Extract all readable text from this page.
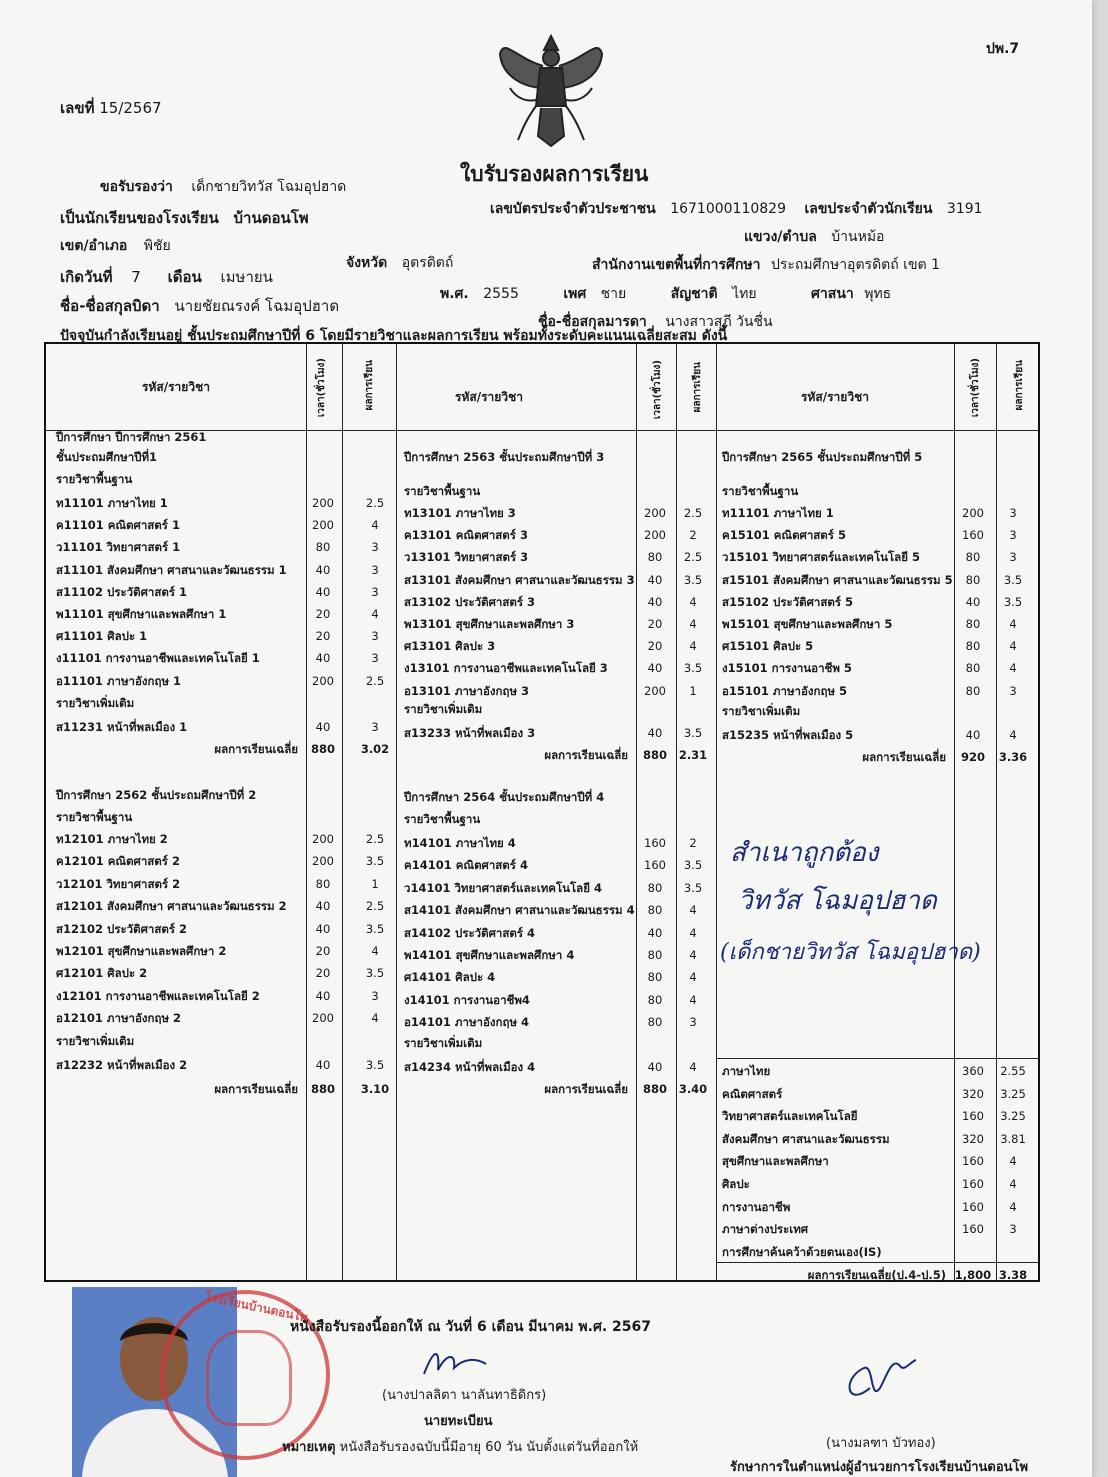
ปพ.7
เลขที่ 15/2567
ใบรับรองผลการเรียน
ขอรับรองว่า เด็กชายวิทวัส โฉมอุปฮาด
เลขบัตรประจำตัวประชาชน 1671000110829 เลขประจำตัวนักเรียน 3191
เป็นนักเรียนของโรงเรียน บ้านดอนโพ
แขวง/ตำบล บ้านหม้อ
เขต/อำเภอ พิชัย
จังหวัด อุตรดิตถ์	สำนักงานเขตพื้นที่การศึกษา ประถมศึกษาอุตรดิตถ์ เขต 1
เกิดวันที่ 7 เดือน เมษายน
พ.ศ. 2555	เพศ ชาย	สัญชาติ ไทย	ศาสนา พุทธ
ชื่อ-ชื่อสกุลบิดา นายชัยณรงค์ โฉมอุปฮาด
ชื่อ-ชื่อสกุลมารดา นางสาวสุภี วันชื่น
ปัจจุบันกำลังเรียนอยู่ ชั้นประถมศึกษาปีที่ 6 โดยมีรายวิชาและผลการเรียน พร้อมทั้งระดับคะแนนเฉลี่ยสะสม ดังนี้
รหัส/รายวิชา	เวลา(ชั่วโมง)	ผลการเรียน	รหัส/รายวิชา	เวลา(ชั่วโมง)	ผลการเรียน	รหัส/รายวิชา	เวลา(ชั่วโมง)	ผลการเรียน
ปีการศึกษา ปีการศึกษา 2561
ชั้นประถมศึกษาปีที่1
รายวิชาพื้นฐาน
ท11101 ภาษาไทย 1	200	2.5
ค11101 คณิตศาสตร์ 1	200	4
ว11101 วิทยาศาสตร์ 1	80	3
ส11101 สังคมศึกษา ศาสนาและวัฒนธรรม 1	40	3
ส11102 ประวัติศาสตร์ 1	40	3
พ11101 สุขศึกษาและพลศึกษา 1	20	4
ศ11101 ศิลปะ 1	20	3
ง11101 การงานอาชีพและเทคโนโลยี 1	40	3
อ11101 ภาษาอังกฤษ 1	200	2.5
รายวิชาเพิ่มเติม
ส11231 หน้าที่พลเมือง 1	40	3
ผลการเรียนเฉลี่ย	880	3.02
ปีการศึกษา 2562 ชั้นประถมศึกษาปีที่ 2
รายวิชาพื้นฐาน
ท12101 ภาษาไทย 2	200	2.5
ค12101 คณิตศาสตร์ 2	200	3.5
ว12101 วิทยาศาสตร์ 2	80	1
ส12101 สังคมศึกษา ศาสนาและวัฒนธรรม 2	40	2.5
ส12102 ประวัติศาสตร์ 2	40	3.5
พ12101 สุขศึกษาและพลศึกษา 2	20	4
ศ12101 ศิลปะ 2	20	3.5
ง12101 การงานอาชีพและเทคโนโลยี 2	40	3
อ12101 ภาษาอังกฤษ 2	200	4
รายวิชาเพิ่มเติม
ส12232 หน้าที่พลเมือง 2	40	3.5
ผลการเรียนเฉลี่ย	880	3.10
ปีการศึกษา 2563 ชั้นประถมศึกษาปีที่ 3
รายวิชาพื้นฐาน
ท13101 ภาษาไทย 3	200	2.5
ค13101 คณิตศาสตร์ 3	200	2
ว13101 วิทยาศาสตร์ 3	80	2.5
ส13101 สังคมศึกษา ศาสนาและวัฒนธรรม 3	40	3.5
ส13102 ประวัติศาสตร์ 3	40	4
พ13101 สุขศึกษาและพลศึกษา 3	20	4
ศ13101 ศิลปะ 3	20	4
ง13101 การงานอาชีพและเทคโนโลยี 3	40	3.5
อ13101 ภาษาอังกฤษ 3	200	1
รายวิชาเพิ่มเติม
ส13233 หน้าที่พลเมือง 3	40	3.5
ผลการเรียนเฉลี่ย	880	2.31
ปีการศึกษา 2564 ชั้นประถมศึกษาปีที่ 4
รายวิชาพื้นฐาน
ท14101 ภาษาไทย 4	160	2
ค14101 คณิตศาสตร์ 4	160	3.5
ว14101 วิทยาศาสตร์และเทคโนโลยี 4	80	3.5
ส14101 สังคมศึกษา ศาสนาและวัฒนธรรม 4	80	4
ส14102 ประวัติศาสตร์ 4	40	4
พ14101 สุขศึกษาและพลศึกษา 4	80	4
ศ14101 ศิลปะ 4	80	4
ง14101 การงานอาชีพ4	80	4
อ14101 ภาษาอังกฤษ 4	80	3
รายวิชาเพิ่มเติม
ส14234 หน้าที่พลเมือง 4	40	4
ผลการเรียนเฉลี่ย	880	3.40
ปีการศึกษา 2565 ชั้นประถมศึกษาปีที่ 5
รายวิชาพื้นฐาน
ท11101 ภาษาไทย 1	200	3
ค15101 คณิตศาสตร์ 5	160	3
ว15101 วิทยาศาสตร์และเทคโนโลยี 5	80	3
ส15101 สังคมศึกษา ศาสนาและวัฒนธรรม 5	80	3.5
ส15102 ประวัติศาสตร์ 5	40	3.5
พ15101 สุขศึกษาและพลศึกษา 5	80	4
ศ15101 ศิลปะ 5	80	4
ง15101 การงานอาชีพ 5	80	4
อ15101 ภาษาอังกฤษ 5	80	3
รายวิชาเพิ่มเติม
ส15235 หน้าที่พลเมือง 5	40	4
ผลการเรียนเฉลี่ย	920	3.36
ภาษาไทย	360	2.55
คณิตศาสตร์	320	3.25
วิทยาศาสตร์และเทคโนโลยี	160	3.25
สังคมศึกษา ศาสนาและวัฒนธรรม	320	3.81
สุขศึกษาและพลศึกษา	160	4
ศิลปะ	160	4
การงานอาชีพ	160	4
ภาษาต่างประเทศ	160	3
การศึกษาค้นคว้าด้วยตนเอง(IS)
ผลการเรียนเฉลี่ย(ป.4-ป.5) 1,800 3.38
สำเนาถูกต้อง
วิทวัส โฉมอุปฮาด
(เด็กชายวิทวัส โฉมอุปฮาด)
โรงเรียนบ้านดอนโพ
หนังสือรับรองนี้ออกให้ ณ วันที่ 6 เดือน มีนาคม พ.ศ. 2567
(นางปาลลิตา นาลันทาธิดิกร)
นายทะเบียน
หมายเหตุ หนังสือรับรองฉบับนี้มีอายุ 60 วัน นับตั้งแต่วันที่ออกให้	(นางมลฑา บัวทอง)
รักษาการในตำแหน่งผู้อำนวยการโรงเรียนบ้านดอนโพ
